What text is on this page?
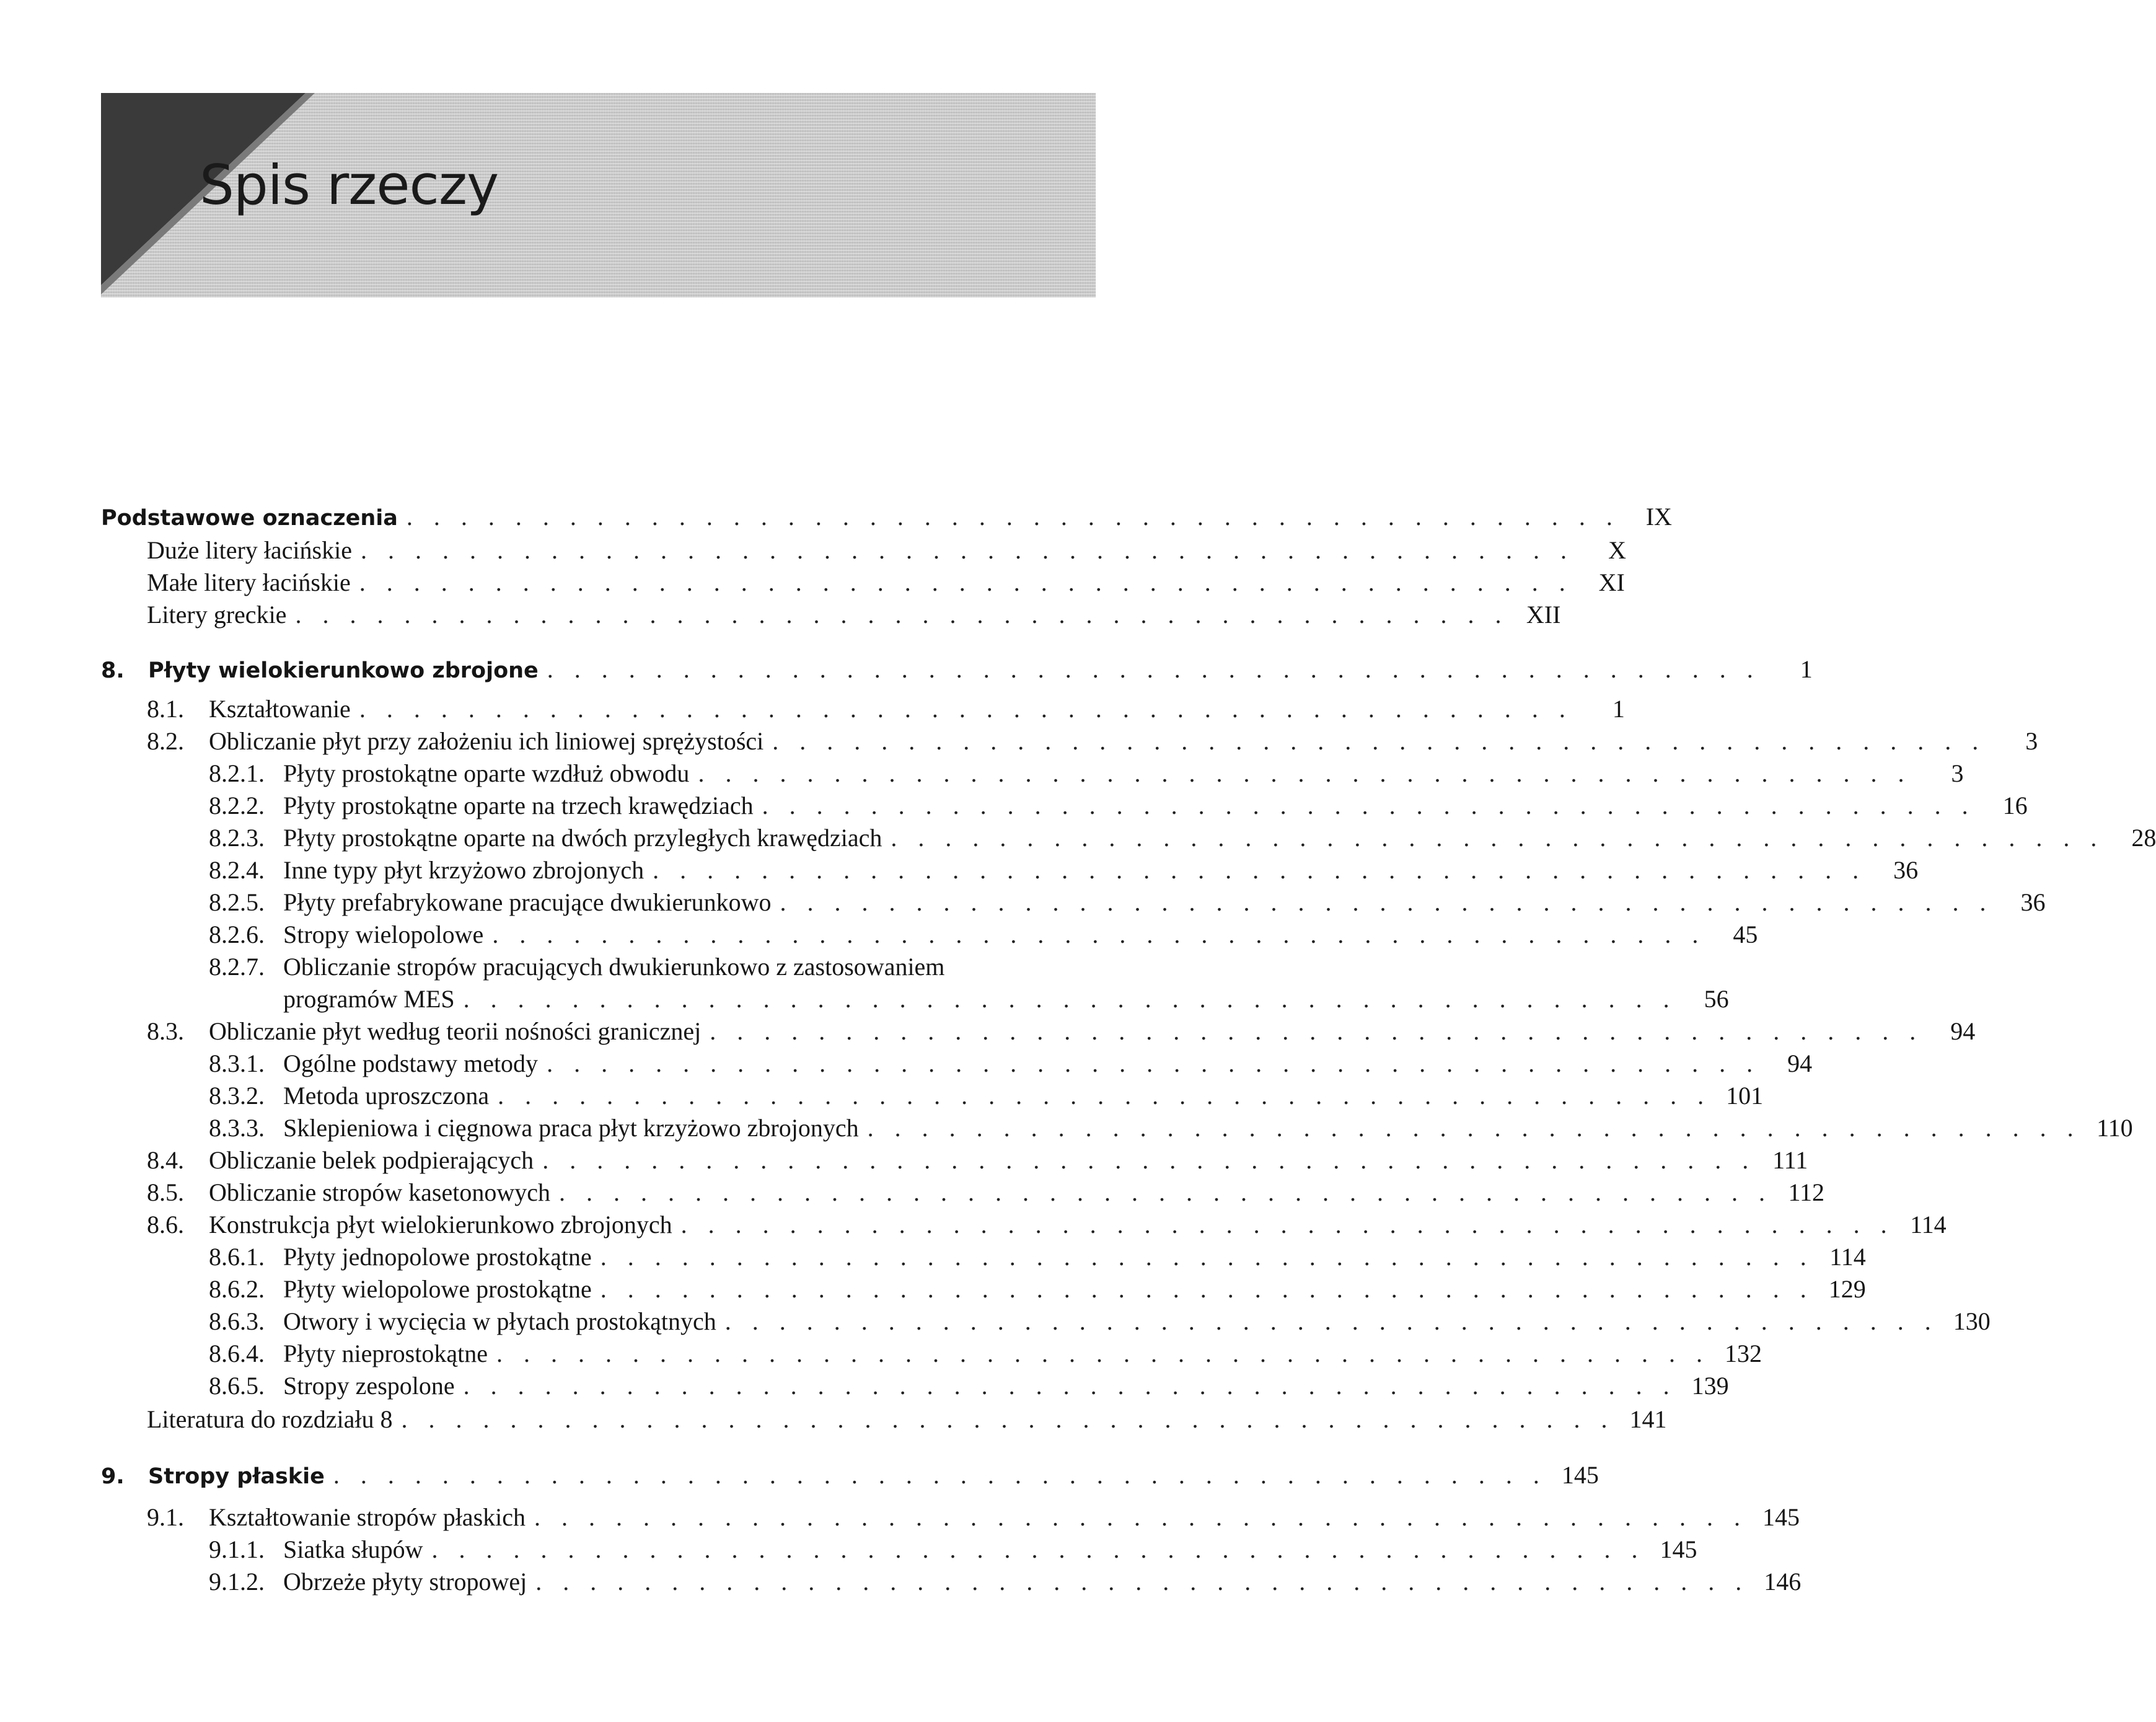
Spis rzeczy
Podstawowe oznaczenia . . . . . . . . . . . . . . . . . . . . . . . . . . . . . . . . . . . . . . . . . . . . .	IX
Duże litery łacińskie . . . . . . . . . . . . . . . . . . . . . . . . . . . . . . . . . . . . . . . . . . . . .	X
Małe litery łacińskie . . . . . . . . . . . . . . . . . . . . . . . . . . . . . . . . . . . . . . . . . . . . .	XI
Litery greckie . . . . . . . . . . . . . . . . . . . . . . . . . . . . . . . . . . . . . . . . . . . . . XII
8.	Płyty wielokierunkowo zbrojone . . . . . . . . . . . . . . . . . . . . . . . . . . . . . . . . . . . . . . . . . . . . .	1
8.1.	Kształtowanie . . . . . . . . . . . . . . . . . . . . . . . . . . . . . . . . . . . . . . . . . . . . .	1
8.2.	Obliczanie płyt przy założeniu ich liniowej sprężystości . . . . . . . . . . . . . . . . . . . . . . . . . . . . . . . . . . . . . . . . . . . . .	3
8.2.1. Płyty prostokątne oparte wzdłuż obwodu . . . . . . . . . . . . . . . . . . . . . . . . . . . . . . . . . . . . . . . . . . . . .	3
8.2.2. Płyty prostokątne oparte na trzech krawędziach . . . . . . . . . . . . . . . . . . . . . . . . . . . . . . . . . . . . . . . . . . . . .	16
8.2.3. Płyty prostokątne oparte na dwóch przyległych krawędziach . . . . . . . . . . . . . . . . . . . . . . . . . . . . . . . . . . . . . . . . . . . . .	28
8.2.4. Inne typy płyt krzyżowo zbrojonych . . . . . . . . . . . . . . . . . . . . . . . . . . . . . . . . . . . . . . . . . . . . .	36
8.2.5. Płyty prefabrykowane pracujące dwukierunkowo . . . . . . . . . . . . . . . . . . . . . . . . . . . . . . . . . . . . . . . . . . . . .	36
8.2.6. Stropy wielopolowe . . . . . . . . . . . . . . . . . . . . . . . . . . . . . . . . . . . . . . . . . . . . .	45
8.2.7. Obliczanie stropów pracujących dwukierunkowo z zastosowaniem
programów MES . . . . . . . . . . . . . . . . . . . . . . . . . . . . . . . . . . . . . . . . . . . . .	56
8.3.	Obliczanie płyt według teorii nośności granicznej . . . . . . . . . . . . . . . . . . . . . . . . . . . . . . . . . . . . . . . . . . . . .	94
8.3.1. Ogólne podstawy metody . . . . . . . . . . . . . . . . . . . . . . . . . . . . . . . . . . . . . . . . . . . . .	94
8.3.2. Metoda uproszczona . . . . . . . . . . . . . . . . . . . . . . . . . . . . . . . . . . . . . . . . . . . . . 101
8.3.3. Sklepieniowa i cięgnowa praca płyt krzyżowo zbrojonych . . . . . . . . . . . . . . . . . . . . . . . . . . . . . . . . . . . . . . . . . . . . . 110
8.4.	Obliczanie belek podpierających . . . . . . . . . . . . . . . . . . . . . . . . . . . . . . . . . . . . . . . . . . . . . 111
8.5.	Obliczanie stropów kasetonowych . . . . . . . . . . . . . . . . . . . . . . . . . . . . . . . . . . . . . . . . . . . . . 112
8.6.	Konstrukcja płyt wielokierunkowo zbrojonych . . . . . . . . . . . . . . . . . . . . . . . . . . . . . . . . . . . . . . . . . . . . . 114
8.6.1. Płyty jednopolowe prostokątne . . . . . . . . . . . . . . . . . . . . . . . . . . . . . . . . . . . . . . . . . . . . . 114
8.6.2. Płyty wielopolowe prostokątne . . . . . . . . . . . . . . . . . . . . . . . . . . . . . . . . . . . . . . . . . . . . . 129
8.6.3. Otwory i wycięcia w płytach prostokątnych . . . . . . . . . . . . . . . . . . . . . . . . . . . . . . . . . . . . . . . . . . . . . 130
8.6.4. Płyty nieprostokątne . . . . . . . . . . . . . . . . . . . . . . . . . . . . . . . . . . . . . . . . . . . . . 132
8.6.5. Stropy zespolone . . . . . . . . . . . . . . . . . . . . . . . . . . . . . . . . . . . . . . . . . . . . . 139
Literatura do rozdziału 8 . . . . . . . . . . . . . . . . . . . . . . . . . . . . . . . . . . . . . . . . . . . . . 141
9.	Stropy płaskie . . . . . . . . . . . . . . . . . . . . . . . . . . . . . . . . . . . . . . . . . . . . . 145
9.1.	Kształtowanie stropów płaskich . . . . . . . . . . . . . . . . . . . . . . . . . . . . . . . . . . . . . . . . . . . . . 145
9.1.1. Siatka słupów . . . . . . . . . . . . . . . . . . . . . . . . . . . . . . . . . . . . . . . . . . . . . 145
9.1.2. Obrzeże płyty stropowej . . . . . . . . . . . . . . . . . . . . . . . . . . . . . . . . . . . . . . . . . . . . . 146
